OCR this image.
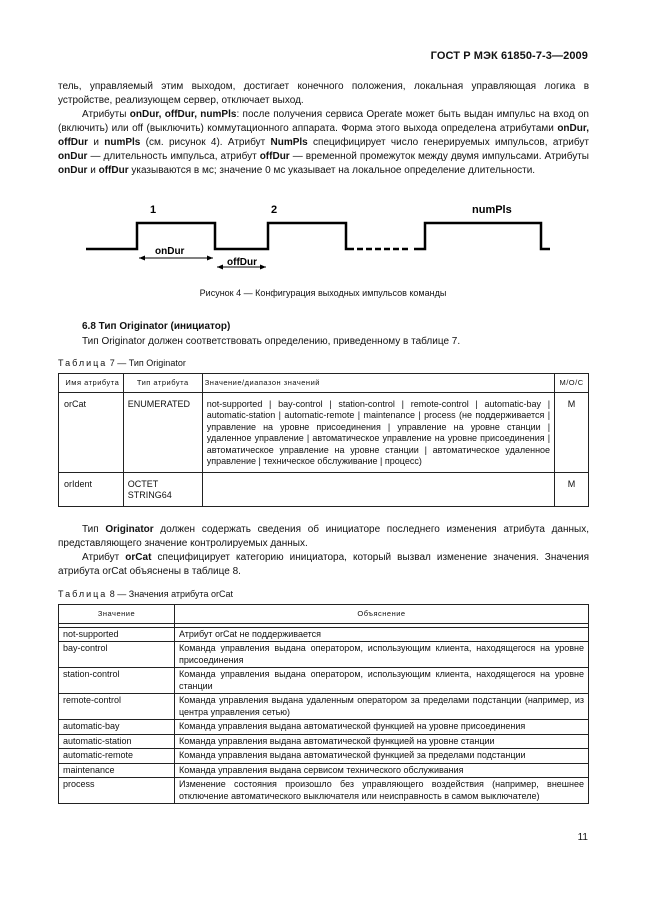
ГОСТ Р МЭК 61850-7-3—2009

тель, управляемый этим выходом, достигает конечного положения, локальная управляющая логика в устройстве, реализующем сервер, отключает выход.

Атрибуты onDur, offDur, numPls: после получения сервиса Operate может быть выдан импульс на вход on (включить) или off (выключить) коммутационного аппарата. Форма этого выхода определена атрибутами onDur, offDur и numPls (см. рисунок 4). Атрибут NumPls специфицирует число генерируемых импульсов, атрибут onDur — длительность импульса, атрибут offDur — временной промежуток между двумя импульсами. Атрибуты onDur и offDur указываются в мс; значение 0 мс указывает на локальное определение длительности.

1	2	numPls
onDur
offDur
Рисунок 4 — Конфигурация выходных импульсов команды
6.8 Тип Originator (инициатор)

Тип Originator должен соответствовать определению, приведенному в таблице 7.

Таблица 7 — Тип Originator
Имя атрибута	Тип атрибута	Значение/диапазон значений	М/О/С
orCat	ENUMERATED	not-supported | bay-control | station-control | remote-control | automatic-bay | automatic-station | automatic-remote | maintenance | process (не поддерживается | управление на уровне присоединения | управление на уровне станции | удаленное управление | автоматическое управление на уровне присоединения | автоматическое управление на уровне станции | автоматическое удаленное управление | техническое обслуживание | процесс)	M
orIdent	OCTET STRING64		M

Тип Originator должен содержать сведения об инициаторе последнего изменения атрибута данных, представляющего значение контролируемых данных.

Атрибут orCat специфицирует категорию инициатора, который вызвал изменение значения. Значения атрибута orCat объяснены в таблице 8.

Таблица 8 — Значения атрибута orCat
Значение	Объяснение

not-supported	Атрибут orCat не поддерживается
bay-control	Команда управления выдана оператором, использующим клиента, находящегося на уровне присоединения
station-control	Команда управления выдана оператором, использующим клиента, находящегося на уровне станции
remote-control	Команда управления выдана удаленным оператором за пределами подстанции (например, из центра управления сетью)
automatic-bay	Команда управления выдана автоматической функцией на уровне присоединения
automatic-station	Команда управления выдана автоматической функцией на уровне станции
automatic-remote	Команда управления выдана автоматической функцией за пределами подстанции
maintenance	Команда управления выдана сервисом технического обслуживания
process	Изменение состояния произошло без управляющего воздействия (например, внешнее отключение автоматического выключателя или неисправность в самом выключателе)
11
